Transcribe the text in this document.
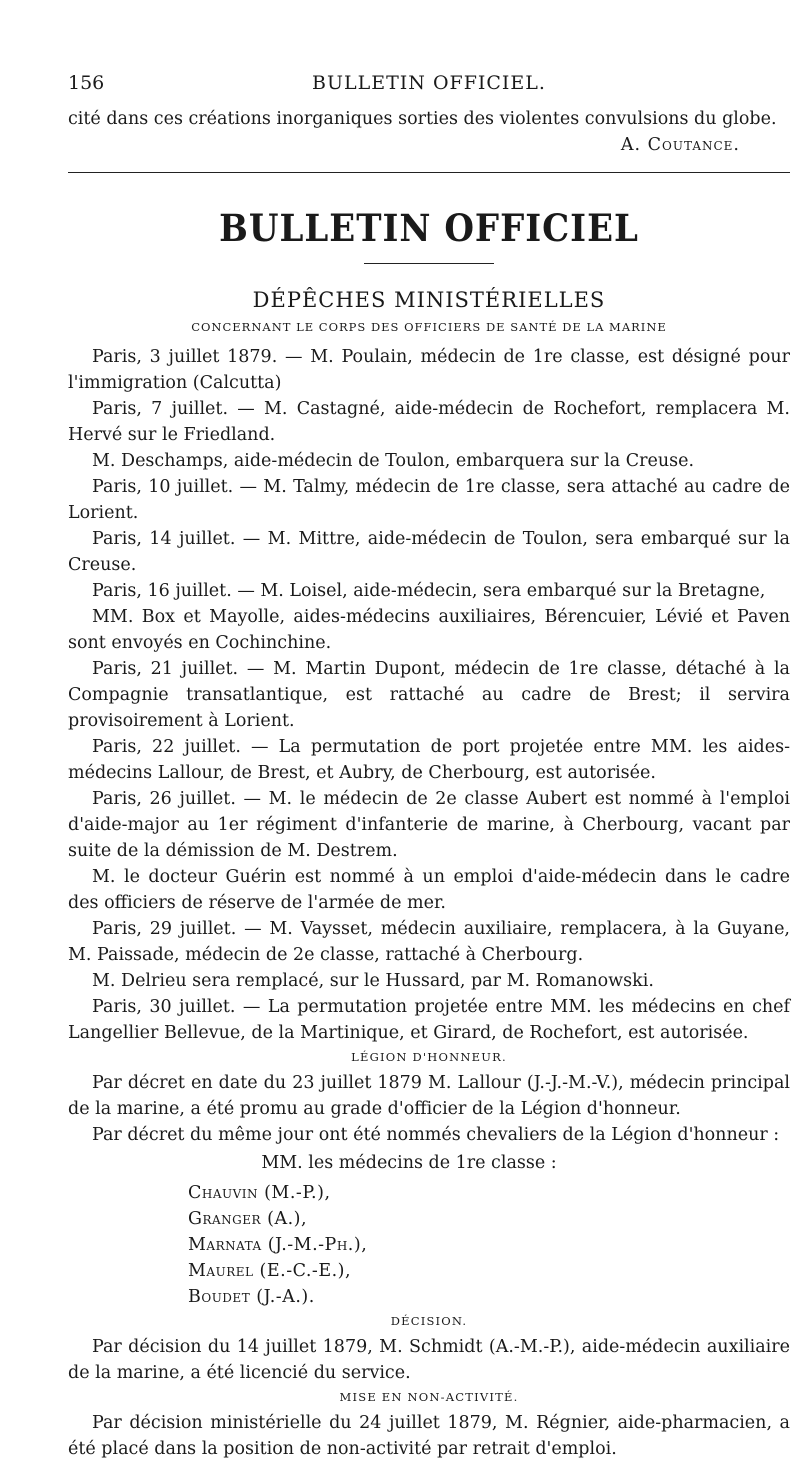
156	BULLETIN OFFICIEL.

cité dans ces créations inorganiques sorties des violentes convulsions du globe.

A. Coutance.
BULLETIN OFFICIEL
DÉPÊCHES MINISTÉRIELLES
CONCERNANT LE CORPS DES OFFICIERS DE SANTÉ DE LA MARINE

Paris, 3 juillet 1879. — M. Poulain, médecin de 1re classe, est désigné pour l'immigration (Calcutta)

Paris, 7 juillet. — M. Castagné, aide-médecin de Rochefort, remplacera M. Hervé sur le Friedland.

M. Deschamps, aide-médecin de Toulon, embarquera sur la Creuse.

Paris, 10 juillet. — M. Talmy, médecin de 1re classe, sera attaché au cadre de Lorient.

Paris, 14 juillet. — M. Mittre, aide-médecin de Toulon, sera embarqué sur la Creuse.

Paris, 16 juillet. — M. Loisel, aide-médecin, sera embarqué sur la Bretagne,

MM. Box et Mayolle, aides-médecins auxiliaires, Bérencuier, Lévié et Paven sont envoyés en Cochinchine.

Paris, 21 juillet. — M. Martin Dupont, médecin de 1re classe, détaché à la Compagnie transatlantique, est rattaché au cadre de Brest; il servira provisoirement à Lorient.

Paris, 22 juillet. — La permutation de port projetée entre MM. les aides-médecins Lallour, de Brest, et Aubry, de Cherbourg, est autorisée.

Paris, 26 juillet. — M. le médecin de 2e classe Aubert est nommé à l'emploi d'aide-major au 1er régiment d'infanterie de marine, à Cherbourg, vacant par suite de la démission de M. Destrem.

M. le docteur Guérin est nommé à un emploi d'aide-médecin dans le cadre des officiers de réserve de l'armée de mer.

Paris, 29 juillet. — M. Vaysset, médecin auxiliaire, remplacera, à la Guyane, M. Paissade, médecin de 2e classe, rattaché à Cherbourg.

M. Delrieu sera remplacé, sur le Hussard, par M. Romanowski.

Paris, 30 juillet. — La permutation projetée entre MM. les médecins en chef Langellier Bellevue, de la Martinique, et Girard, de Rochefort, est autorisée.

LÉGION D'HONNEUR.

Par décret en date du 23 juillet 1879 M. Lallour (J.-J.-M.-V.), médecin principal de la marine, a été promu au grade d'officier de la Légion d'honneur.

Par décret du même jour ont été nommés chevaliers de la Légion d'honneur :

MM. les médecins de 1re classe :
Chauvin (M.-P.),
Granger (A.),
Marnata (J.-M.-Ph.),
Maurel (E.-C.-E.),
Boudet (J.-A.).
DÉCISION.

Par décision du 14 juillet 1879, M. Schmidt (A.-M.-P.), aide-médecin auxiliaire de la marine, a été licencié du service.

MISE EN NON-ACTIVITÉ.

Par décision ministérielle du 24 juillet 1879, M. Régnier, aide-pharmacien, a été placé dans la position de non-activité par retrait d'emploi.
